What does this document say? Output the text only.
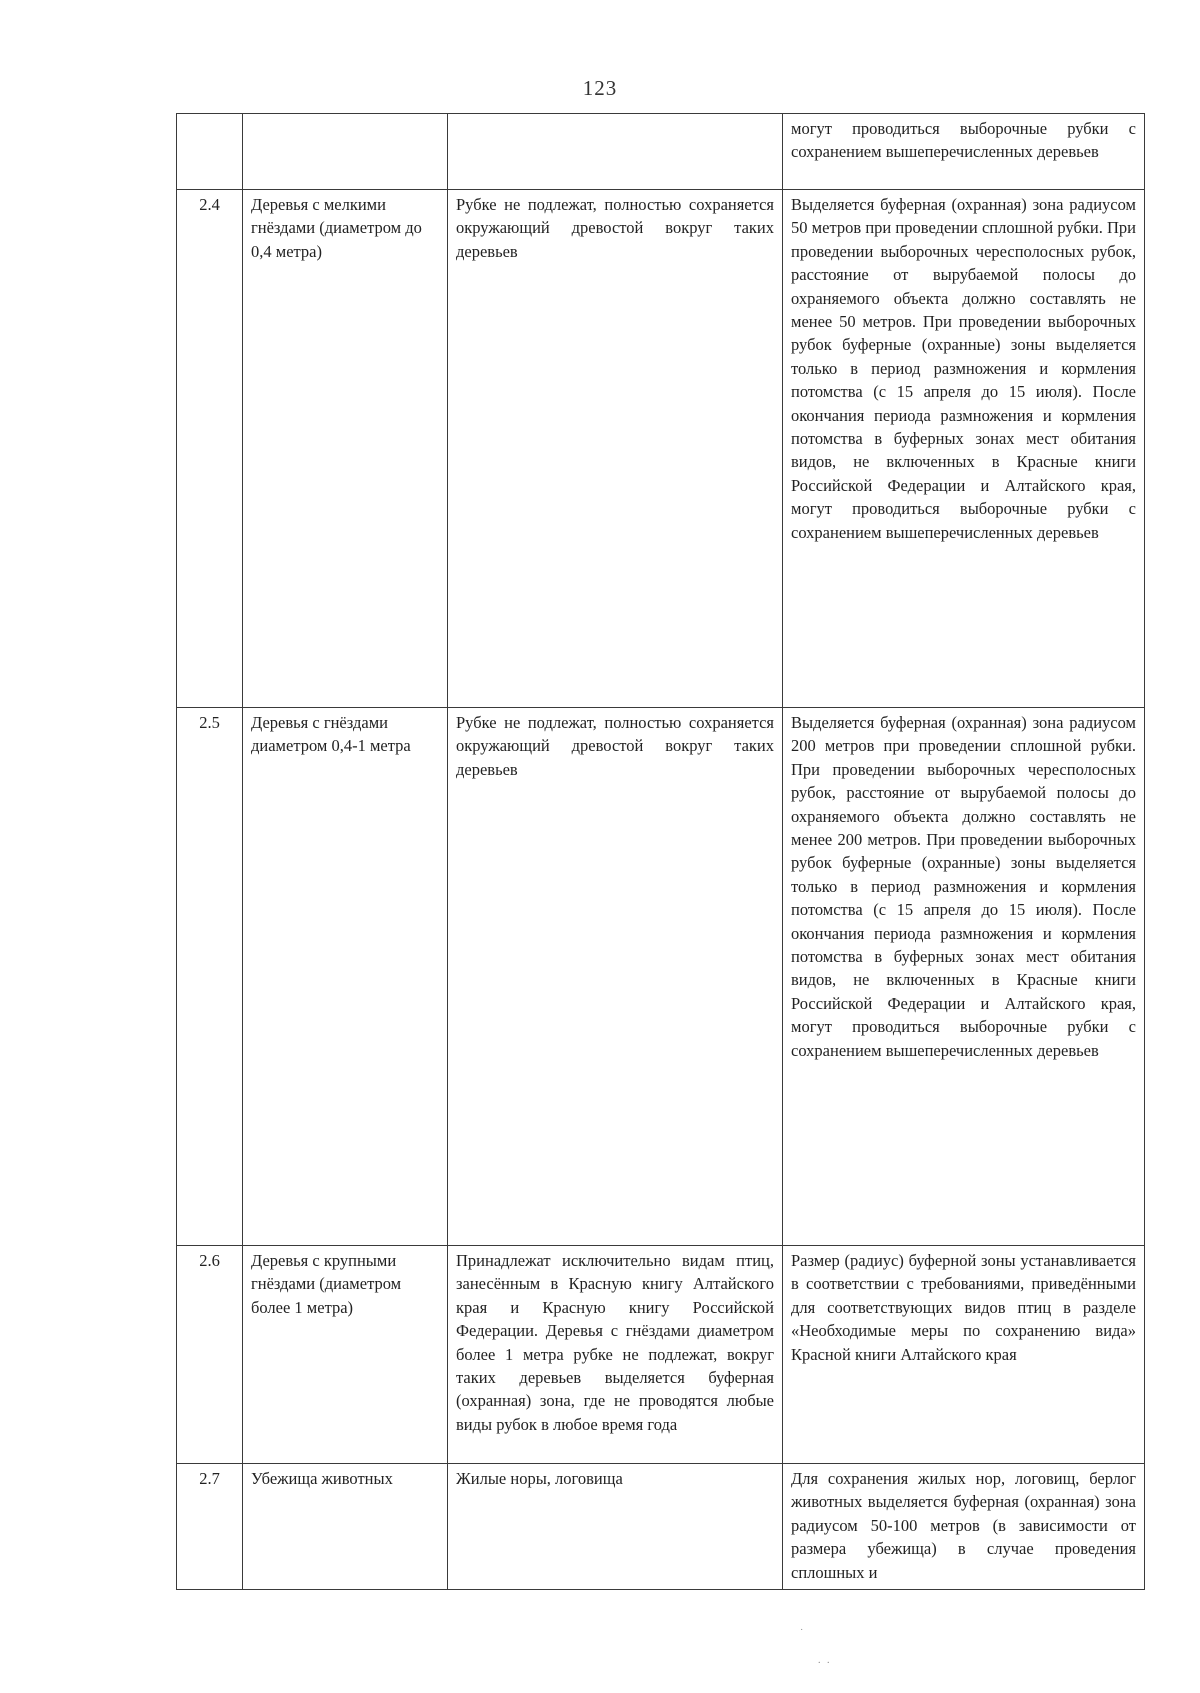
123
			могут проводиться выборочные рубки с сохранением вышеперечисленных деревьев
2.4	Деревья с мелкими гнёздами (диаметром до 0,4 метра)	Рубке не подлежат, полностью сохраняется окружающий древостой вокруг таких деревьев	Выделяется буферная (охранная) зона радиусом 50 метров при проведении сплошной рубки. При проведении выборочных чересполосных рубок, расстояние от вырубаемой полосы до охраняемого объекта должно составлять не менее 50 метров. При проведении выборочных рубок буферные (охранные) зоны выделяется только в период размножения и кормления потомства (с 15 апреля до 15 июля). После окончания периода размножения и кормления потомства в буферных зонах мест обитания видов, не включенных в Красные книги Российской Федерации и Алтайского края, могут проводиться выборочные рубки с сохранением вышеперечисленных деревьев
2.5	Деревья с гнёздами диаметром 0,4-1 метра	Рубке не подлежат, полностью сохраняется окружающий древостой вокруг таких деревьев	Выделяется буферная (охранная) зона радиусом 200 метров при проведении сплошной рубки. При проведении выборочных чересполосных рубок, расстояние от вырубаемой полосы до охраняемого объекта должно составлять не менее 200 метров. При проведении выборочных рубок буферные (охранные) зоны выделяется только в период размножения и кормления потомства (с 15 апреля до 15 июля). После окончания периода размножения и кормления потомства в буферных зонах мест обитания видов, не включенных в Красные книги Российской Федерации и Алтайского края, могут проводиться выборочные рубки с сохранением вышеперечисленных деревьев
2.6	Деревья с крупными гнёздами (диаметром более 1 метра)	Принадлежат исключительно видам птиц, занесённым в Красную книгу Алтайского края и Красную книгу Российской Федерации. Деревья с гнёздами диаметром более 1 метра рубке не подлежат, вокруг таких деревьев выделяется буферная (охранная) зона, где не проводятся любые виды рубок в любое время года	Размер (радиус) буферной зоны устанавливается в соответствии с требованиями, приведёнными для соответствующих видов птиц в разделе «Необходимые меры по сохранению вида» Красной книги Алтайского края
2.7	Убежища животных	Жилые норы, логовища	Для сохранения жилых нор, логовищ, берлог животных выделяется буферная (охранная) зона радиусом 50-100 метров (в зависимости от размера убежища) в случае проведения сплошных и
˙
. .
